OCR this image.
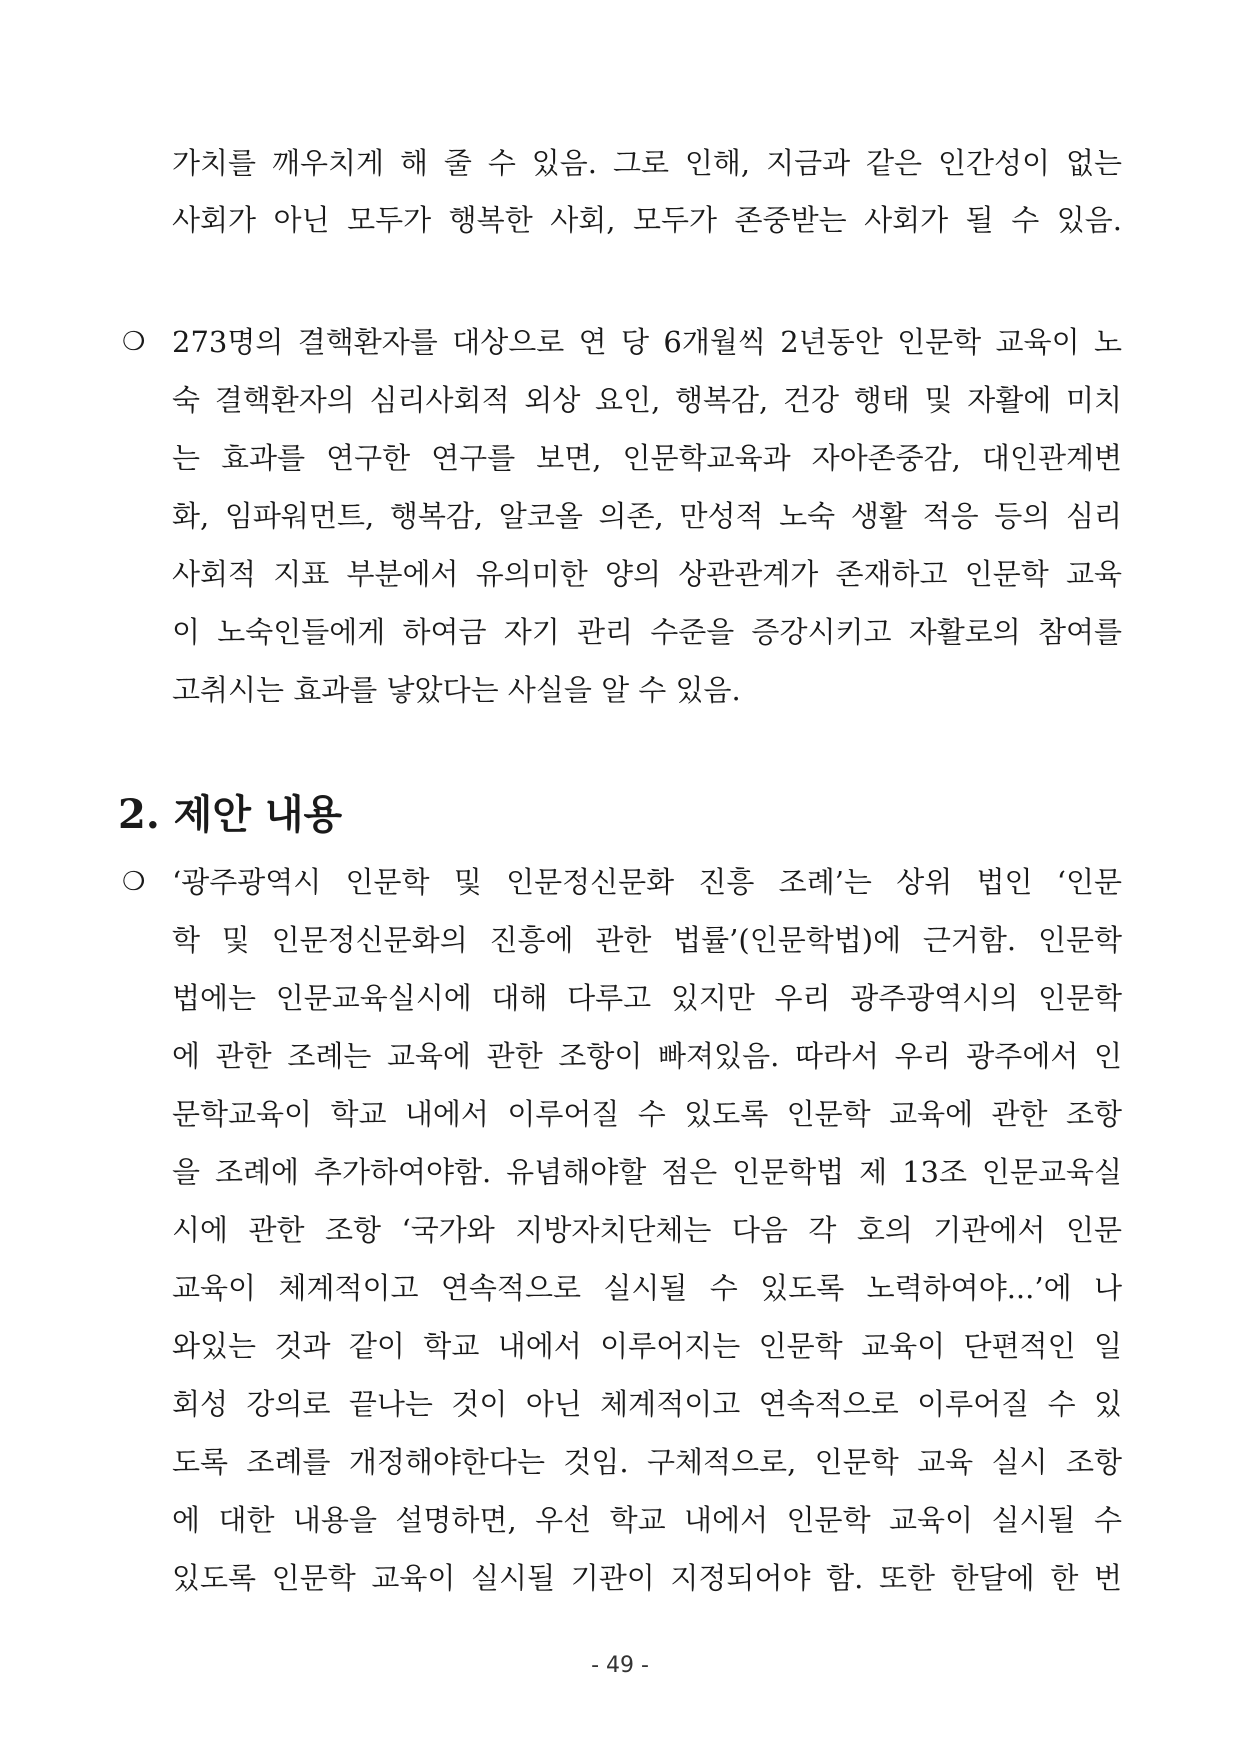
가치를 깨우치게 해 줄 수 있음. 그로 인해, 지금과 같은 인간성이 없는
사회가 아닌 모두가 행복한 사회, 모두가 존중받는 사회가 될 수 있음.
❍ 273명의 결핵환자를 대상으로 연 당 6개월씩 2년동안 인문학 교육이 노
숙 결핵환자의 심리사회적 외상 요인, 행복감, 건강 행태 및 자활에 미치
는 효과를 연구한 연구를 보면, 인문학교육과 자아존중감, 대인관계변
화, 임파워먼트, 행복감, 알코올 의존, 만성적 노숙 생활 적응 등의 심리
사회적 지표 부분에서 유의미한 양의 상관관계가 존재하고 인문학 교육
이 노숙인들에게 하여금 자기 관리 수준을 증강시키고 자활로의 참여를
고취시는 효과를 낳았다는 사실을 알 수 있음.
2. 제안 내용
❍ ‘광주광역시 인문학 및 인문정신문화 진흥 조례’는 상위 법인 ‘인문
학 및 인문정신문화의 진흥에 관한 법률’(인문학법)에 근거함. 인문학
법에는 인문교육실시에 대해 다루고 있지만 우리 광주광역시의 인문학
에 관한 조례는 교육에 관한 조항이 빠져있음. 따라서 우리 광주에서 인
문학교육이 학교 내에서 이루어질 수 있도록 인문학 교육에 관한 조항
을 조례에 추가하여야함. 유념해야할 점은 인문학법 제 13조 인문교육실
시에 관한 조항 ‘국가와 지방자치단체는 다음 각 호의 기관에서 인문
교육이 체계적이고 연속적으로 실시될 수 있도록 노력하여야...’에 나
와있는 것과 같이 학교 내에서 이루어지는 인문학 교육이 단편적인 일
회성 강의로 끝나는 것이 아닌 체계적이고 연속적으로 이루어질 수 있
도록 조례를 개정해야한다는 것임. 구체적으로, 인문학 교육 실시 조항
에 대한 내용을 설명하면, 우선 학교 내에서 인문학 교육이 실시될 수
있도록 인문학 교육이 실시될 기관이 지정되어야 함. 또한 한달에 한 번
- 49 -
